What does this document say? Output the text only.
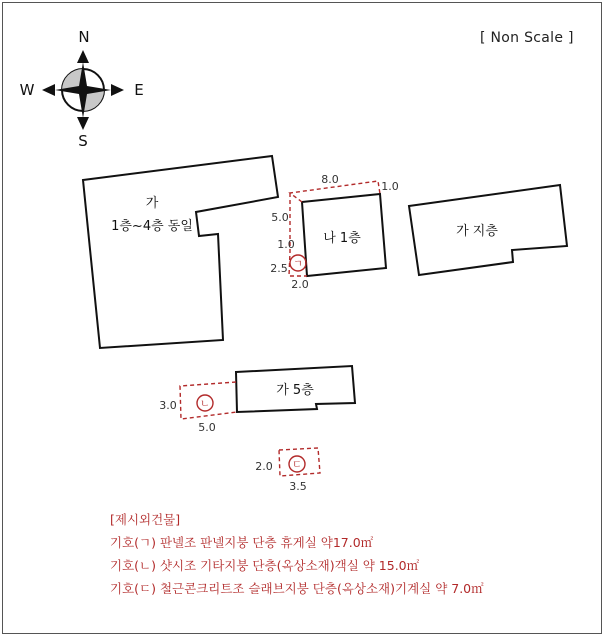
N
S
E
W
가
1층~4층 동일
나 1층	가 지층
가 5층
ㄱ
8.0
1.0
5.0
1.0
2.5
2.0
ㄴ
3.0
5.0
ㄷ
2.0
3.5
[ Non Scale ]
[제시외건물]
기호(ㄱ) 판넬조 판넬지붕 단층 휴게실 약17.0㎡
기호(ㄴ) 샷시조 기타지붕 단층(옥상소재)객실 약 15.0㎡
기호(ㄷ) 철근콘크리트조 슬래브지붕 단층(옥상소재)기계실 약 7.0㎡
